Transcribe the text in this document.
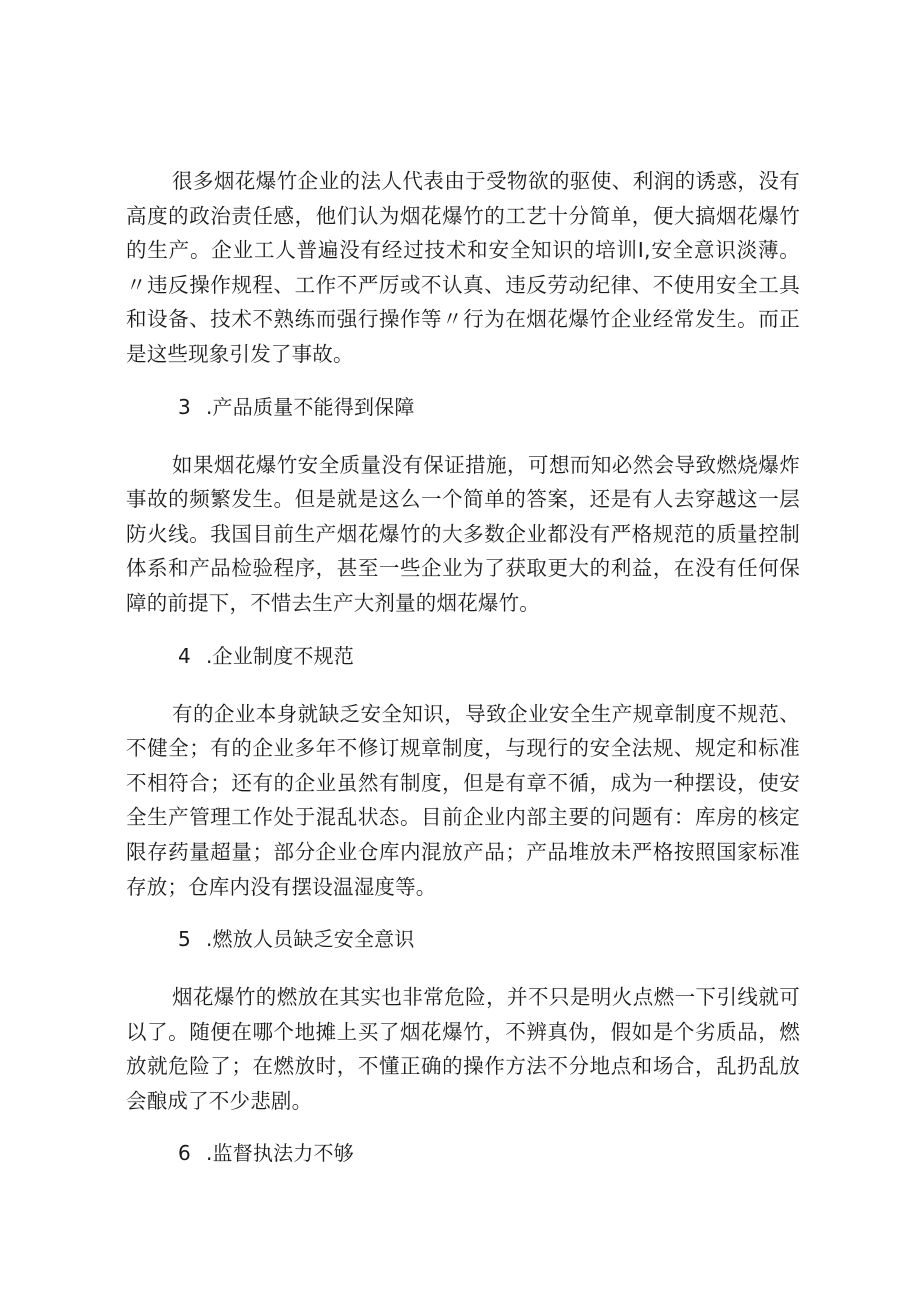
很多烟花爆竹企业的法人代表由于受物欲的驱使、利润的诱惑，没有高度的政治责任感，他们认为烟花爆竹的工艺十分简单，便大搞烟花爆竹的生产。企业工人普遍没有经过技术和安全知识的培训I,安全意识淡薄。〃违反操作规程、工作不严厉或不认真、违反劳动纪律、不使用安全工具和设备、技术不熟练而强行操作等〃行为在烟花爆竹企业经常发生。而正是这些现象引发了事故。

3 .产品质量不能得到保障

如果烟花爆竹安全质量没有保证措施，可想而知必然会导致燃烧爆炸事故的频繁发生。但是就是这么一个简单的答案，还是有人去穿越这一层防火线。我国目前生产烟花爆竹的大多数企业都没有严格规范的质量控制体系和产品检验程序，甚至一些企业为了获取更大的利益，在没有任何保障的前提下，不惜去生产大剂量的烟花爆竹。

4 .企业制度不规范

有的企业本身就缺乏安全知识，导致企业安全生产规章制度不规范、不健全；有的企业多年不修订规章制度，与现行的安全法规、规定和标准不相符合；还有的企业虽然有制度，但是有章不循，成为一种摆设，使安全生产管理工作处于混乱状态。目前企业内部主要的问题有：库房的核定限存药量超量；部分企业仓库内混放产品；产品堆放未严格按照国家标准存放；仓库内没有摆设温湿度等。

5 .燃放人员缺乏安全意识

烟花爆竹的燃放在其实也非常危险，并不只是明火点燃一下引线就可以了。随便在哪个地摊上买了烟花爆竹，不辨真伪，假如是个劣质品，燃放就危险了；在燃放时，不懂正确的操作方法不分地点和场合，乱扔乱放会酿成了不少悲剧。

6 .监督执法力不够
